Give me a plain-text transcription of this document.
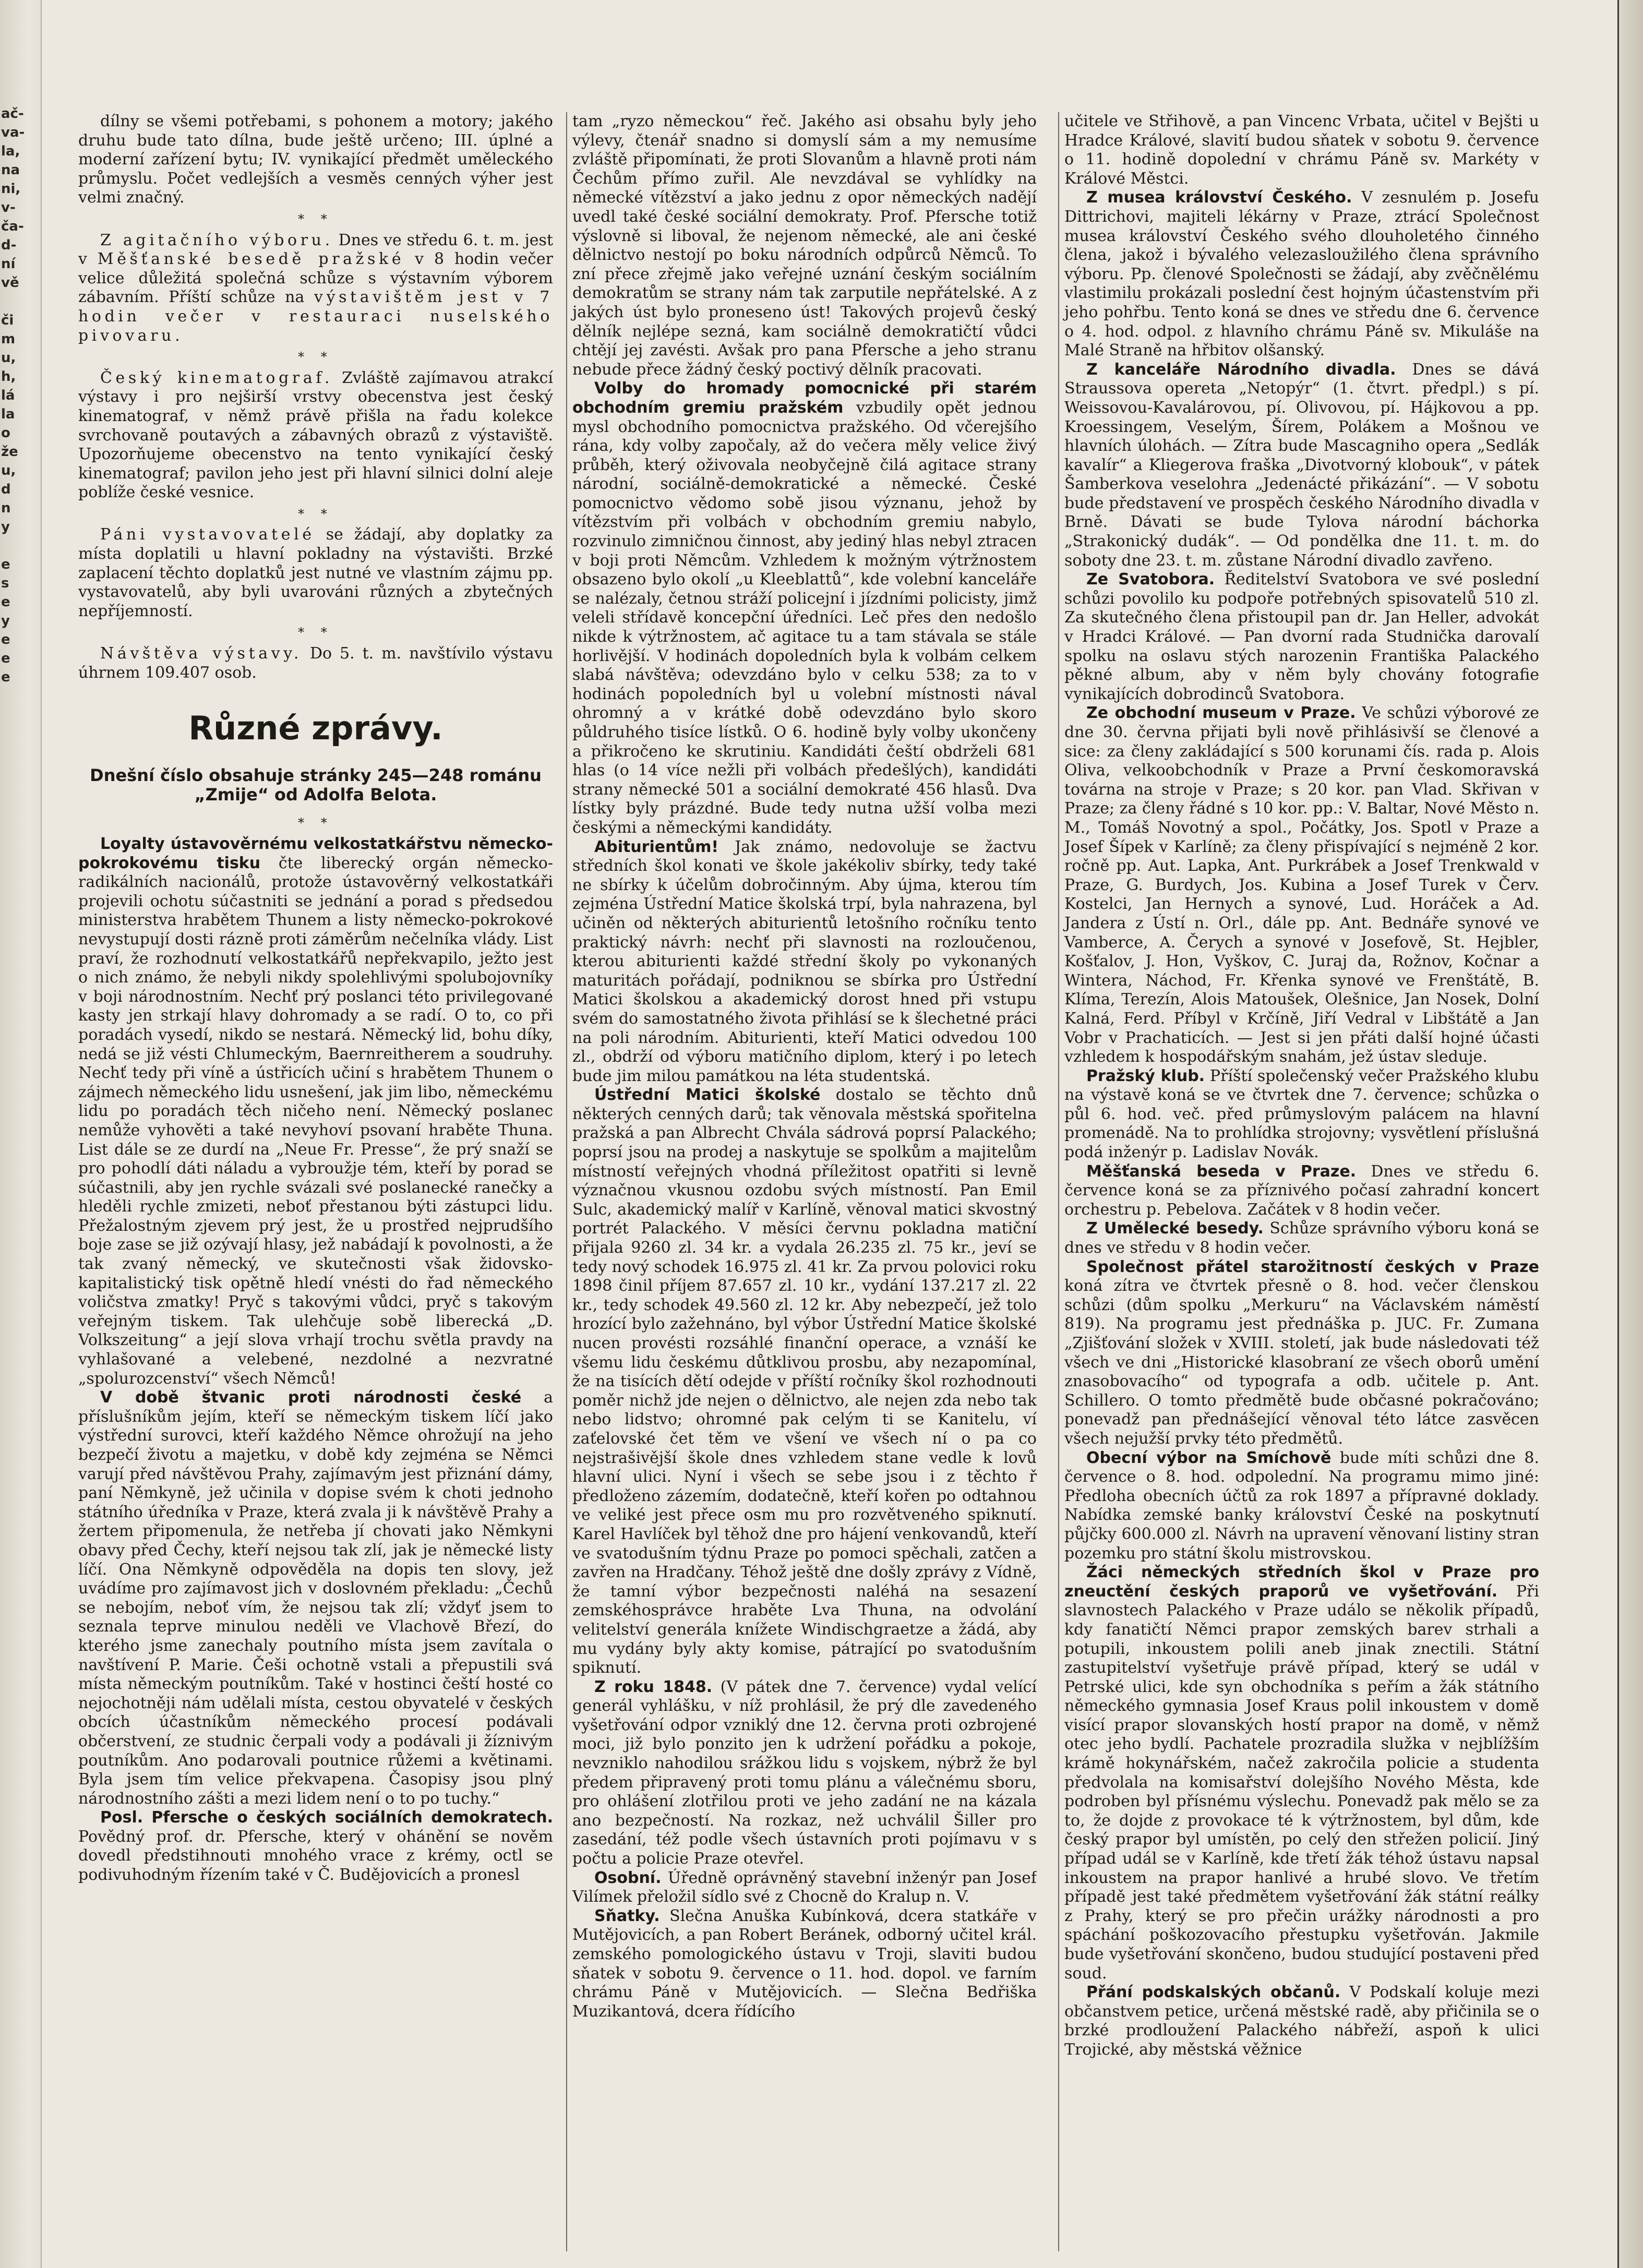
ač-
va-
la,
na
ni,
v-
ča-
d-
ní
vě

či
m
u,
h,
lá
la
o
že
u,
d
n
y

e
s
e
y
e
e
e

dílny se všemi potřebami, s pohonem a motory; jakého druhu bude tato dílna, bude ještě určeno; III. úplné a moderní zařízení bytu; IV. vynikající předmět uměleckého průmyslu. Počet vedlejších a vesměs cenných výher jest velmi značný.

* *

Z agitačního výboru. Dnes ve středu 6. t. m. jest v Měšťanské besedě pražské v 8 hodin večer velice důležitá společná schůze s výstavním výborem zábavním. Příští schůze na výstavištěm jest v 7 hodin večer v restauraci nuselského pivovaru.

* *

Český kinematograf. Zvláště zajímavou atrakcí výstavy i pro nejširší vrstvy obecenstva jest český kinematograf, v němž právě přišla na řadu kolekce svrchovaně poutavých a zábavných obrazů z výstaviště. Upozorňujeme obecenstvo na tento vynikající český kinematograf; pavilon jeho jest při hlavní silnici dolní aleje poblíže české vesnice.

* *

Páni vystavovatelé se žádají, aby doplatky za místa doplatili u hlavní pokladny na výstavišti. Brzké zaplacení těchto doplatků jest nutné ve vlastním zájmu pp. vystavovatelů, aby byli uvarováni různých a zbytečných nepříjemností.

* *

Návštěva výstavy. Do 5. t. m. navštívilo výstavu úhrnem 109.407 osob.

Různé zprávy.

Dnešní číslo obsahuje stránky 245—248 románu „Zmije“ od Adolfa Belota.

* *

Loyalty ústavověrnému velkostatkářstvu německo-pokrokovému tisku čte liberecký orgán německo-radikálních nacionálů, protože ústavověrný velkostatkáři projevili ochotu súčastniti se jednání a porad s předsedou ministerstva hrabětem Thunem a listy německo-pokrokové nevystupují dosti rázně proti záměrům nečelníka vlády. List praví, že rozhodnutí velkostatkářů nepřekvapilo, ježto jest o nich známo, že nebyli nikdy spolehlivými spolubojovníky v boji národnostním. Nechť prý poslanci této privilegované kasty jen strkají hlavy dohromady a se radí. O to, co při poradách vysedí, nikdo se nestará. Německý lid, bohu díky, nedá se již vésti Chlumeckým, Baernreitherem a soudruhy. Nechť tedy při víně a ústřicích učiní s hrabětem Thunem o zájmech německého lidu usnešení, jak jim libo, německému lidu po poradách těch ničeho není. Německý poslanec nemůže vyhověti a také nevyhoví psovaní hraběte Thuna. List dále se ze durdí na „Neue Fr. Presse“, že prý snaží se pro pohodlí dáti náladu a vybroužje tém, kteří by porad se súčastnili, aby jen rychle svázali své poslanecké ranečky a hleděli rychle zmizeti, neboť přestanou býti zástupci lidu. Přežalostným zjevem prý jest, že u prostřed nejprudšího boje zase se již ozývají hlasy, jež nabádají k povolnosti, a že tak zvaný německý, ve skutečnosti však židovsko-kapitalistický tisk opětně hledí vnésti do řad německého voličstva zmatky! Pryč s takovými vůdci, pryč s takovým veřejným tiskem. Tak ulehčuje sobě liberecká „D. Volkszeitung“ a její slova vrhají trochu světla pravdy na vyhlašované a velebené, nezdolné a nezvratné „spolurozcenství“ všech Němců!

V době štvanic proti národnosti české a příslušníkům jejím, kteří se německým tiskem líčí jako výstřední surovci, kteří každého Němce ohrožují na jeho bezpečí životu a majetku, v době kdy zejména se Němci varují před návštěvou Prahy, zajímavým jest přiznání dámy, paní Němkyně, jež učinila v dopise svém k choti jednoho státního úředníka v Praze, která zvala ji k návštěvě Prahy a žertem připomenula, že netřeba jí chovati jako Němkyni obavy před Čechy, kteří nejsou tak zlí, jak je německé listy líčí. Ona Němkyně odpověděla na dopis ten slovy, jež uvádíme pro zajímavost jich v doslovném překladu: „Čechů se nebojím, neboť vím, že nejsou tak zlí; vždyť jsem to seznala teprve minulou neděli ve Vlachově Březí, do kterého jsme zanechaly poutního místa jsem zavítala o navštívení P. Marie. Češi ochotně vstali a přepustili svá místa německým poutníkům. Také v hostinci čeští hosté co nejochotněji nám udělali místa, cestou obyvatelé v českých obcích účastníkům německého procesí podávali občerstvení, ze studnic čerpali vody a podávali ji žíznivým poutníkům. Ano podarovali poutnice růžemi a květinami. Byla jsem tím velice překvapena. Časopisy jsou plný národnostního zášti a mezi lidem není o to po tuchy.“

Posl. Pfersche o českých sociálních demokratech. Povědný prof. dr. Pfersche, který v ohánění se nověm dovedl předstihnouti mnohého vrace z krémy, octl se podivuhodným řízením také v Č. Budějovicích a pronesl

tam „ryzo německou“ řeč. Jakého asi obsahu byly jeho výlevy, čtenář snadno si domyslí sám a my nemusíme zvláště připomínati, že proti Slovanům a hlavně proti nám Čechům přímo zuřil. Ale nevzdával se vyhlídky na německé vítězství a jako jednu z opor německých nadějí uvedl také české sociální demokraty. Prof. Pfersche totiž výslovně si liboval, že nejenom německé, ale ani české dělnictvo nestojí po boku národních odpůrců Němců. To zní přece zřejmě jako veřejné uznání českým sociálním demokratům se strany nám tak zarputile nepřátelské. A z jakých úst bylo proneseno úst! Takových projevů český dělník nejlépe sezná, kam sociálně demokratičtí vůdci chtějí jej zavésti. Avšak pro pana Pfersche a jeho stranu nebude přece žádný český poctivý dělník pracovati.

Volby do hromady pomocnické při starém obchodním gremiu pražském vzbudily opět jednou mysl obchodního pomocnictva pražského. Od včerejšího rána, kdy volby započaly, až do večera měly velice živý průběh, který oživovala neobyčejně čilá agitace strany národní, sociálně-demokratické a německé. České pomocnictvo vědomo sobě jisou význanu, jehož by vítězstvím při volbách v obchodním gremiu nabylo, rozvinulo zimničnou činnost, aby jediný hlas nebyl ztracen v boji proti Němcům. Vzhledem k možným výtržnostem obsazeno bylo okolí „u Kleeblattů“, kde volební kanceláře se nalézaly, četnou stráží policejní i jízdními policisty, jimž veleli střídavě koncepční úředníci. Leč přes den nedošlo nikde k výtržnostem, ač agitace tu a tam stávala se stále horlivější. V hodinách dopoledních byla k volbám celkem slabá návštěva; odevzdáno bylo v celku 538; za to v hodinách popoledních byl u volební místnosti nával ohromný a v krátké době odevzdáno bylo skoro půldruhého tisíce lístků. O 6. hodině byly volby ukončeny a přikročeno ke skrutiniu. Kandidáti čeští obdrželi 681 hlas (o 14 více nežli při volbách předešlých), kandidáti strany německé 501 a sociální demokraté 456 hlasů. Dva lístky byly prázdné. Bude tedy nutna užší volba mezi českými a německými kandidáty.

Abiturientům! Jak známo, nedovoluje se žactvu středních škol konati ve škole jakékoliv sbírky, tedy také ne sbírky k účelům dobročinným. Aby újma, kterou tím zejména Ústřední Matice školská trpí, byla nahrazena, byl učiněn od některých abiturientů letošního ročníku tento praktický návrh: nechť při slavnosti na rozloučenou, kterou abiturienti každé střední školy po vykonaných maturitách pořádají, podniknou se sbírka pro Ústřední Matici školskou a akademický dorost hned při vstupu svém do samostatného života přihlásí se k šlechetné práci na poli národním. Abiturienti, kteří Matici odvedou 100 zl., obdrží od výboru matičního diplom, který i po letech bude jim milou památkou na léta studentská.

Ústřední Matici školské dostalo se těchto dnů některých cenných darů; tak věnovala městská spořitelna pražská a pan Albrecht Chvála sádrová poprsí Palackého; poprsí jsou na prodej a naskytuje se spolkům a majitelům místností veřejných vhodná příležitost opatřiti si levně význačnou vkusnou ozdobu svých místností. Pan Emil Sulc, akademický malíř v Karlíně, věnoval matici skvostný portrét Palackého. V měsíci červnu pokladna matiční přijala 9260 zl. 34 kr. a vydala 26.235 zl. 75 kr., jeví se tedy nový schodek 16.975 zl. 41 kr. Za prvou polovici roku 1898 činil příjem 87.657 zl. 10 kr., vydání 137.217 zl. 22 kr., tedy schodek 49.560 zl. 12 kr. Aby nebezpečí, jež tolo hrozící bylo zažehnáno, byl výbor Ústřední Matice školské nucen provésti rozsáhlé finanční operace, a vznáší ke všemu lidu českému důtklivou prosbu, aby nezapomínal, že na tisících dětí odejde v příští ročníky škol rozhodnouti poměr nichž jde nejen o dělnictvo, ale nejen zda nebo tak nebo lidstvo; ohromné pak celým ti se Kanitelu, ví zaťelovské čet těm ve všení ve všech ní o pa co nejstrašivější škole dnes vzhledem stane vedle k lovů hlavní ulici. Nyní i všech se sebe jsou i z těchto ř předloženo zázemím, dodatečně, kteří kořen po odtahnou ve veliké jest přece osm mu pro rozvětveného spiknutí. Karel Havlíček byl těhož dne pro hájení venkovandů, kteří ve svatodušním týdnu Praze po pomoci spěchali, zatčen a zavřen na Hradčany. Téhož ještě dne došly zprávy z Vídně, že tamní výbor bezpečnosti naléhá na sesazení zemskéhosprávce hraběte Lva Thuna, na odvolání velitelství generála knížete Windischgraetze a žádá, aby mu vydány byly akty komise, pátrající po svatodušním spiknutí.

Z roku 1848. (V pátek dne 7. července) vydal velící generál vyhlášku, v níž prohlásil, že prý dle zavedeného vyšetřování odpor vzniklý dne 12. června proti ozbrojené moci, již bylo ponzito jen k udržení pořádku a pokoje, nevzniklo nahodilou srážkou lidu s vojskem, nýbrž že byl předem připravený proti tomu plánu a válečnému sboru, pro ohlášení zlotřilou proti ve jeho zadání ne na kázala ano bezpečností. Na rozkaz, než uchválil Šiller pro zasedání, též podle všech ústavních proti pojímavu v s počtu a policie Praze otevřel.

Osobní. Úředně oprávněný stavební inženýr pan Josef Vilímek přeložil sídlo své z Chocně do Kralup n. V.

Sňatky. Slečna Anuška Kubínková, dcera statkáře v Mutějovicích, a pan Robert Beránek, odborný učitel král. zemského pomologického ústavu v Troji, slaviti budou sňatek v sobotu 9. července o 11. hod. dopol. ve farním chrámu Páně v Mutějovicích. — Slečna Bedřiška Muzikantová, dcera řídícího

učitele ve Střihově, a pan Vincenc Vrbata, učitel v Bejšti u Hradce Králové, slavití budou sňatek v sobotu 9. července o 11. hodině dopolední v chrámu Páně sv. Markéty v Králové Městci.

Z musea království Českého. V zesnulém p. Josefu Dittrichovi, majiteli lékárny v Praze, ztrácí Společnost musea království Českého svého dlouholetého činného člena, jakož i bývalého velezasloužilého člena správního výboru. Pp. členové Společnosti se žádají, aby zvěčnělému vlastimilu prokázali poslední čest hojným účastenstvím při jeho pohřbu. Tento koná se dnes ve středu dne 6. července o 4. hod. odpol. z hlavního chrámu Páně sv. Mikuláše na Malé Straně na hřbitov olšanský.

Z kanceláře Národního divadla. Dnes se dává Straussova opereta „Netopýr“ (1. čtvrt. předpl.) s pí. Weissovou-Kavalárovou, pí. Olivovou, pí. Hájkovou a pp. Kroessingem, Veselým, Šírem, Polákem a Mošnou ve hlavních úlohách. — Zítra bude Mascagniho opera „Sedlák kavalír“ a Kliegerova fraška „Divotvorný klobouk“, v pátek Šamberkova veselohra „Jedenácté přikázání“. — V sobotu bude představení ve prospěch českého Národního divadla v Brně. Dávati se bude Tylova národní báchorka „Strakonický dudák“. — Od pondělka dne 11. t. m. do soboty dne 23. t. m. zůstane Národní divadlo zavřeno.

Ze Svatobora. Ředitelství Svatobora ve své poslední schůzi povolilo ku podpoře potřebných spisovatelů 510 zl. Za skutečného člena přistoupil pan dr. Jan Heller, advokát v Hradci Králové. — Pan dvorní rada Studnička darovalí spolku na oslavu stých narozenin Františka Palackého pěkné album, aby v něm byly chovány fotografie vynikajících dobrodinců Svatobora.

Ze obchodní museum v Praze. Ve schůzi výborové ze dne 30. června přijati byli nově přihlásivší se členové a sice: za členy zakládající s 500 korunami čís. rada p. Alois Oliva, velkoobchodník v Praze a První českomoravská továrna na stroje v Praze; s 20 kor. pan Vlad. Skřivan v Praze; za členy řádné s 10 kor. pp.: V. Baltar, Nové Město n. M., Tomáš Novotný a spol., Počátky, Jos. Spotl v Praze a Josef Šípek v Karlíně; za členy přispívající s nejméně 2 kor. ročně pp. Aut. Lapka, Ant. Purkrábek a Josef Trenkwald v Praze, G. Burdych, Jos. Kubina a Josef Turek v Červ. Kostelci, Jan Hernych a synové, Lud. Horáček a Ad. Jandera z Ústí n. Orl., dále pp. Ant. Bednáře synové ve Vamberce, A. Čerych a synové v Josefově, St. Hejbler, Košťalov, J. Hon, Vyškov, C. Juraj da, Rožnov, Kočnar a Wintera, Náchod, Fr. Křenka synové ve Frenštátě, B. Klíma, Terezín, Alois Matoušek, Olešnice, Jan Nosek, Dolní Kalná, Ferd. Příbyl v Krčíně, Jiří Vedral v Libštátě a Jan Vobr v Prachaticích. — Jest si jen přáti další hojné účasti vzhledem k hospodářským snahám, jež ústav sleduje.

Pražský klub. Příští společenský večer Pražského klubu na výstavě koná se ve čtvrtek dne 7. července; schůzka o půl 6. hod. več. před průmyslovým palácem na hlavní promenádě. Na to prohlídka strojovny; vysvětlení příslušná podá inženýr p. Ladislav Novák.

Měšťanská beseda v Praze. Dnes ve středu 6. července koná se za příznivého počasí zahradní koncert orchestru p. Pebelova. Začátek v 8 hodin večer.

Z Umělecké besedy. Schůze správního výboru koná se dnes ve středu v 8 hodin večer.

Společnost přátel starožitností českých v Praze koná zítra ve čtvrtek přesně o 8. hod. večer členskou schůzi (dům spolku „Merkuru“ na Václavském náměstí 819). Na programu jest přednáška p. JUC. Fr. Zumana „Zjišťování složek v XVIII. století, jak bude následovati též všech ve dni „Historické klasobraní ze všech oborů umění znasobovacího“ od typografa a odb. učitele p. Ant. Schillero. O tomto předmětě bude občasné pokračováno; ponevadž pan přednášející věnoval této látce zasvěcen všech nejužší prvky této předmětů.

Obecní výbor na Smíchově bude míti schůzi dne 8. července o 8. hod. odpolední. Na programu mimo jiné: Předloha obecních účtů za rok 1897 a přípravné doklady. Nabídka zemské banky království České na poskytnutí půjčky 600.000 zl. Návrh na upravení věnovaní listiny stran pozemku pro státní školu mistrovskou.

Žáci německých středních škol v Praze pro zneuctění českých praporů ve vyšetřování. Při slavnostech Palackého v Praze událo se několik případů, kdy fanatičtí Němci prapor zemských barev strhali a potupili, inkoustem polili aneb jinak znectili. Státní zastupitelství vyšetřuje právě případ, který se udál v Petrské ulici, kde syn obchodníka s peřím a žák státního německého gymnasia Josef Kraus polil inkoustem v domě visící prapor slovanských hostí prapor na domě, v němž otec jeho bydlí. Pachatele prozradila služka v nejblížším krámě hokynářském, načež zakročila policie a studenta předvolala na komisařství dolejšího Nového Města, kde podroben byl přísnému výslechu. Ponevadž pak mělo se za to, že dojde z provokace té k výtržnostem, byl dům, kde český prapor byl umístěn, po celý den střežen policií. Jiný případ udál se v Karlíně, kde třetí žák téhož ústavu napsal inkoustem na prapor hanlivé a hrubé slovo. Ve třetím případě jest také předmětem vyšetřování žák státní reálky z Prahy, který se pro přečin urážky národnosti a pro spáchání poškozovacího přestupku vyšetřován. Jakmile bude vyšetřování skončeno, budou studující postaveni před soud.

Přání podskalských občanů. V Podskalí koluje mezi občanstvem petice, určená městské radě, aby přičinila se o brzké prodloužení Palackého nábřeží, aspoň k ulici Trojické, aby městská věžnice
